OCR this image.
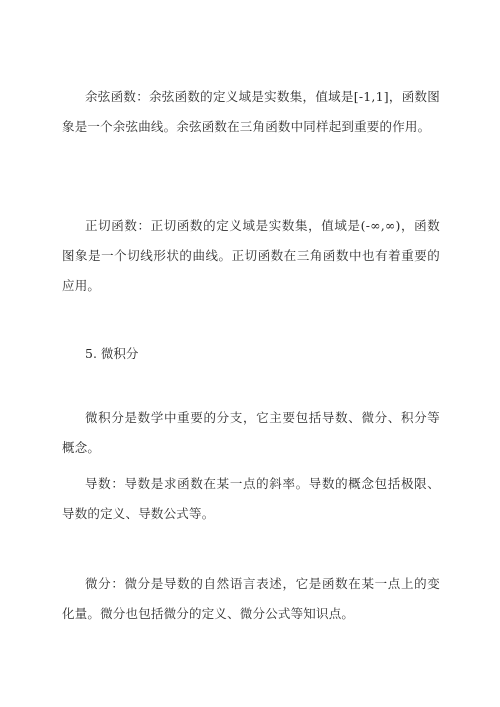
余弦函数：余弦函数的定义域是实数集，值域是[-1,1]，函数图象是一个余弦曲线。余弦函数在三角函数中同样起到重要的作用。

正切函数：正切函数的定义域是实数集，值域是(-∞,∞)，函数图象是一个切线形状的曲线。正切函数在三角函数中也有着重要的应用。

5. 微积分

微积分是数学中重要的分支，它主要包括导数、微分、积分等概念。

导数：导数是求函数在某一点的斜率。导数的概念包括极限、导数的定义、导数公式等。

微分：微分是导数的自然语言表述，它是函数在某一点上的变化量。微分也包括微分的定义、微分公式等知识点。
